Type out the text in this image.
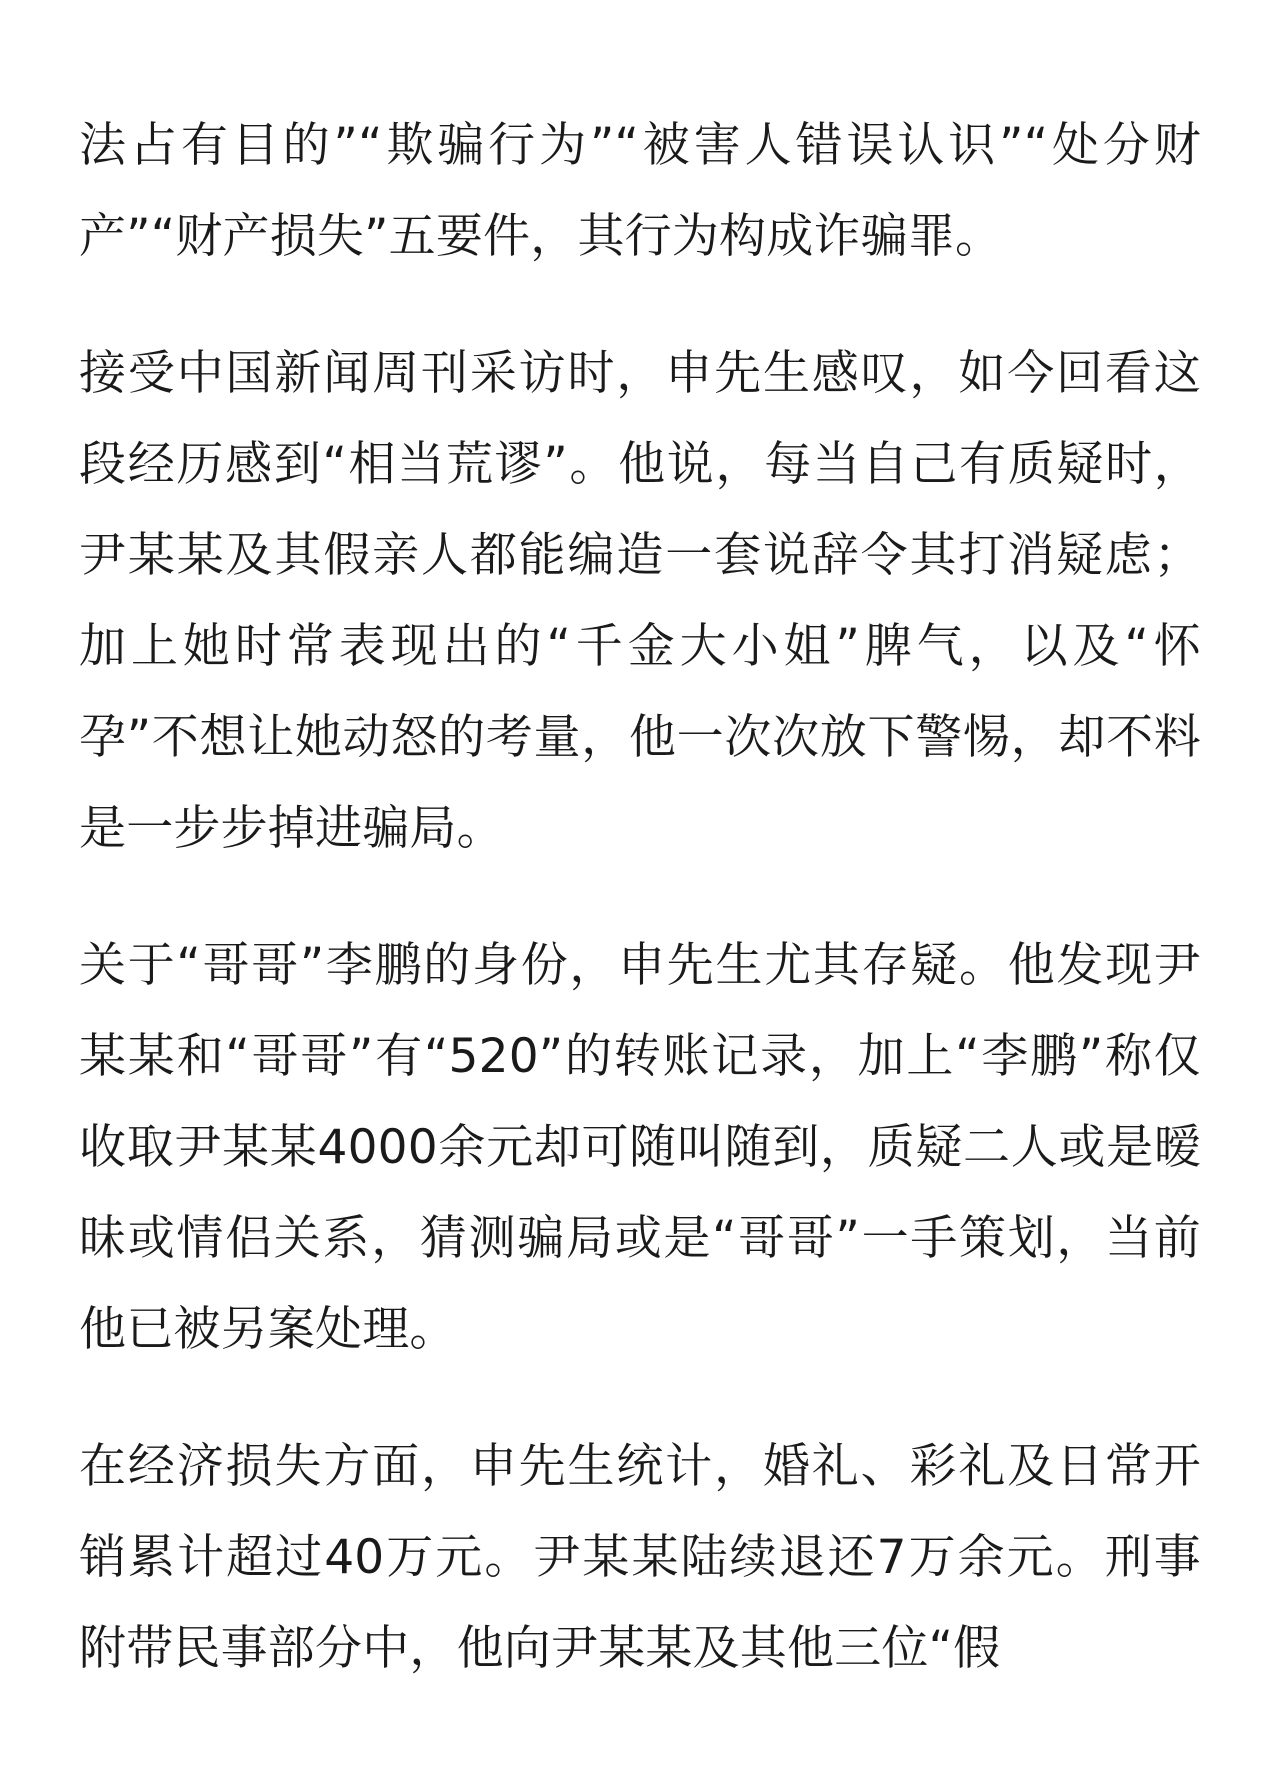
法占有目的”“欺骗行为”“被害人错误认识”“处分财产”“财产损失”五要件，其行为构成诈骗罪。

接受中国新闻周刊采访时，申先生感叹，如今回看这段经历感到“相当荒谬”。他说，每当自己有质疑时，尹某某及其假亲人都能编造一套说辞令其打消疑虑；加上她时常表现出的“千金大小姐”脾气，以及“怀孕”不想让她动怒的考量，他一次次放下警惕，却不料是一步步掉进骗局。

关于“哥哥”李鹏的身份，申先生尤其存疑。他发现尹某某和“哥哥”有“520”的转账记录，加上“李鹏”称仅收取尹某某4000余元却可随叫随到，质疑二人或是暧昧或情侣关系，猜测骗局或是“哥哥”一手策划，当前他已被另案处理。

在经济损失方面，申先生统计，婚礼、彩礼及日常开销累计超过40万元。尹某某陆续退还7万余元。刑事附带民事部分中，他向尹某某及其他三位“假
